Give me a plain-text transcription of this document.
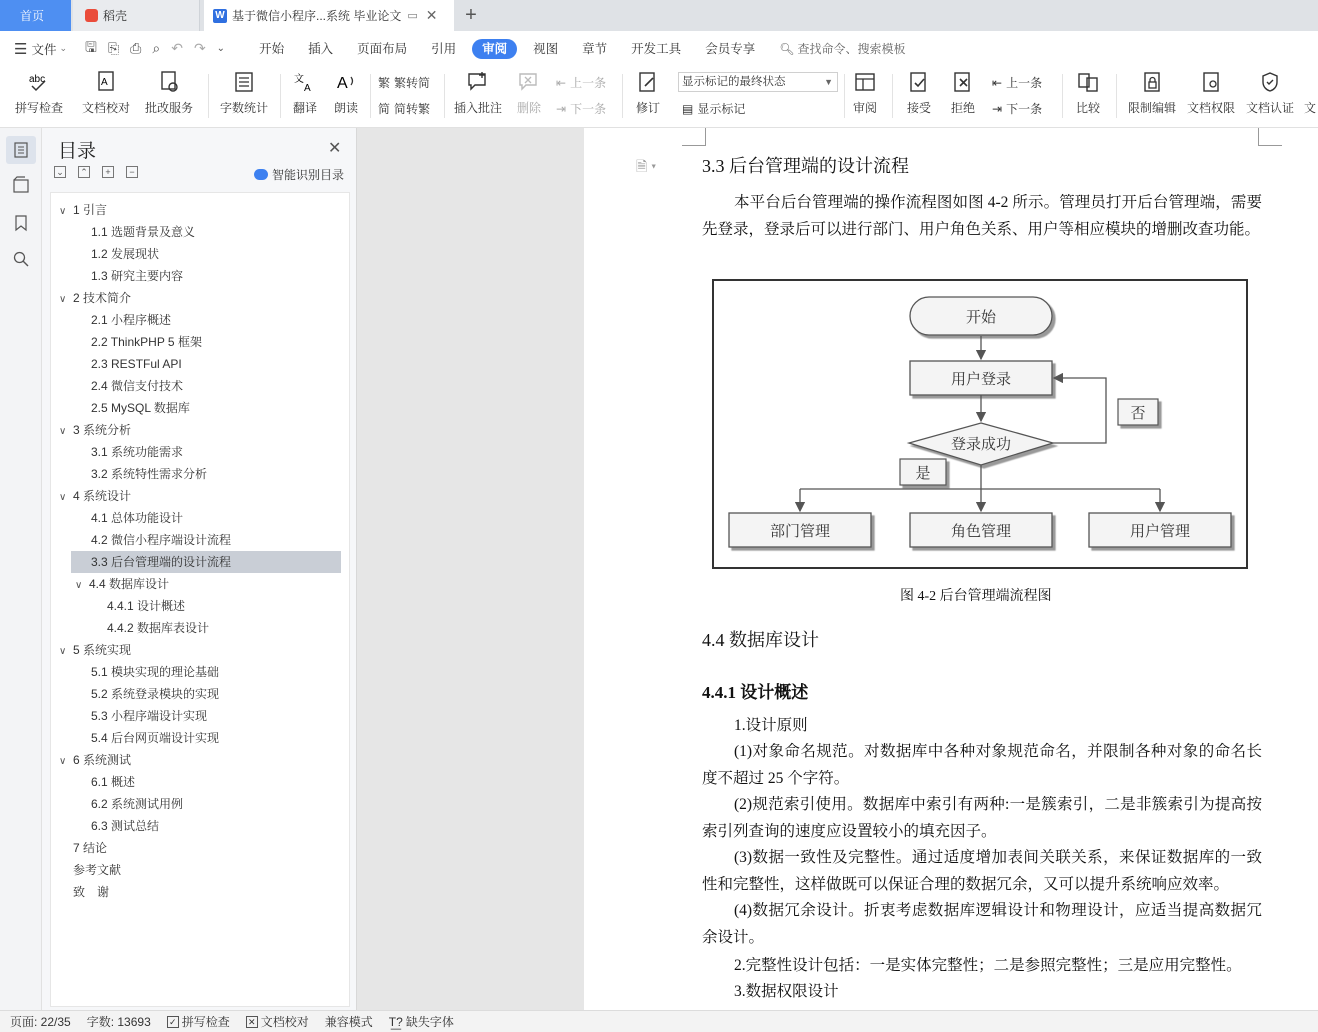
首页	稻壳	W 基于微信小程序...系统 毕业论文 ▭ ✕ +
☰ 文件 ⌄ 🖫 ⎘ ⎙ ⌕ ↶ ↷ ⌄	开始	插入	页面布局	引用	审阅	视图	章节	开发工具	会员专享	🔍︎ 查找命令、搜索模板
abc
拼写检查
A
文档校对 批改服务 字数统计
文
A
翻译
A
朗读
繁 繁转简
简 简转繁 插入批注 删除
⇤ 上一条
⇥ 下一条 修订
显示标记的最终状态	▼
▤ 显示标记	审阅 接受 拒绝
⇤ 上一条
⇥ 下一条	比较 限制编辑 文档权限 文档认证 文
目录	✕
⌄ ⌃	+	−	智能识别目录
∨ 1 引言
1.1 选题背景及意义
1.2 发展现状
1.3 研究主要内容
∨ 2 技术简介
2.1 小程序概述
2.2 ThinkPHP 5 框架
2.3 RESTFul API
2.4 微信支付技术
2.5 MySQL 数据库
∨ 3 系统分析
3.1 系统功能需求
3.2 系统特性需求分析
∨ 4 系统设计
4.1 总体功能设计
4.2 微信小程序端设计流程
3.3 后台管理端的设计流程
∨ 4.4 数据库设计
4.4.1 设计概述
4.4.2 数据库表设计
∨ 5 系统实现
5.1 模块实现的理论基础
5.2 系统登录模块的实现
5.3 小程序端设计实现
5.4 后台网页端设计实现
∨ 6 系统测试
6.1 概述
6.2 系统测试用例
6.3 测试总结
7 结论
参考文献
致　谢
🗎 ▾	3.3 后台管理端的设计流程
本平台后台管理端的操作流程图如图 4-2 所示。管理员打开后台管理端，需要先登录，登录后可以进行部门、用户角色关系、用户等相应模块的增删改查功能。
开始
用户登录
登录成功
否
是
部门管理	角色管理	用户管理
图 4-2 后台管理端流程图
4.4 数据库设计
4.4.1 设计概述
1.设计原则
(1)对象命名规范。对数据库中各种对象规范命名，并限制各种对象的命名长度不超过 25 个字符。
(2)规范索引使用。数据库中索引有两种:一是簇索引，二是非簇索引为提高按索引列查询的速度应设置较小的填充因子。
(3)数据一致性及完整性。通过适度增加表间关联关系，来保证数据库的一致性和完整性，这样做既可以保证合理的数据冗余，又可以提升系统响应效率。
(4)数据冗余设计。折衷考虑数据库逻辑设计和物理设计，应适当提高数据冗余设计。
2.完整性设计包括：一是实体完整性；二是参照完整性；三是应用完整性。
3.数据权限设计
页面: 22/35 字数: 13693 ✓ 拼写检查 ✕ 文档校对 兼容模式 T͟? 缺失字体
